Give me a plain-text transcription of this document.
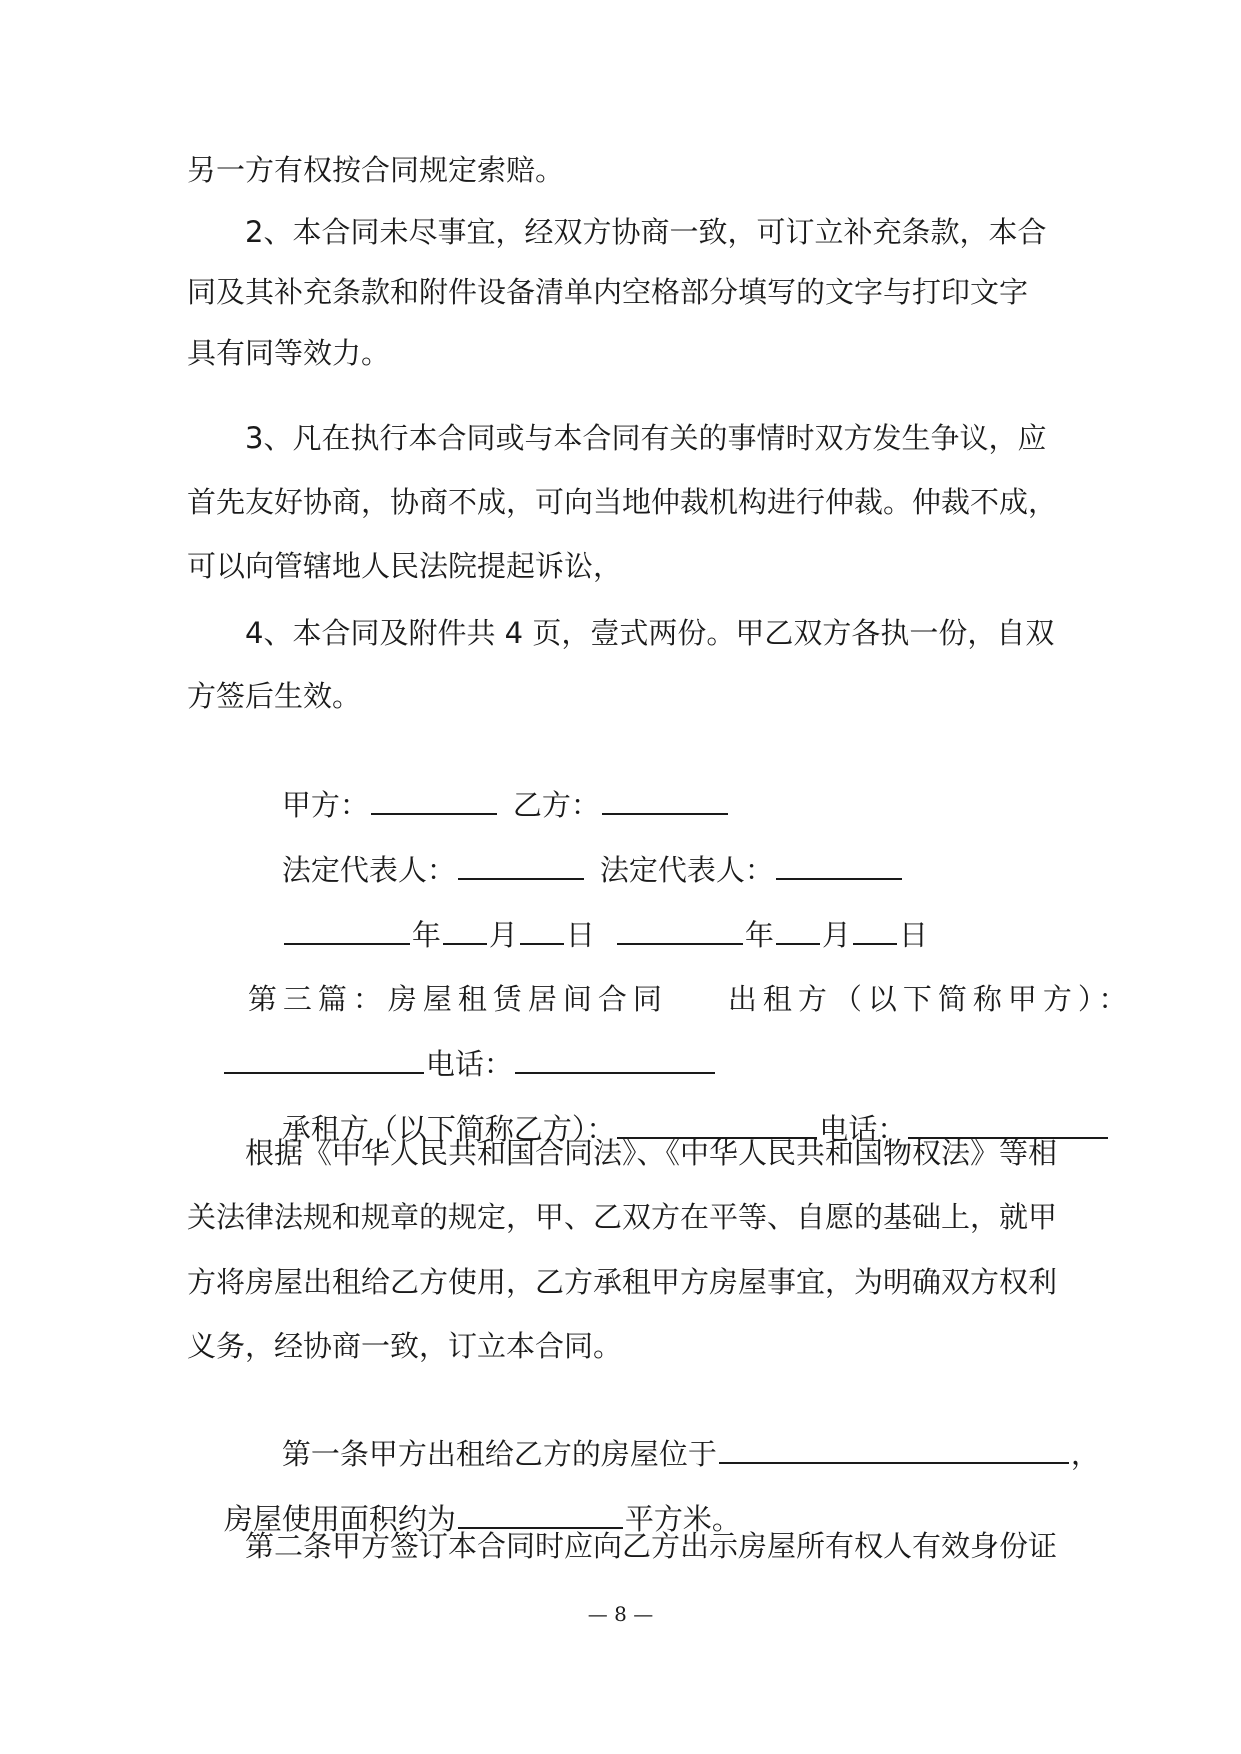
另一方有权按合同规定索赔。
2、本合同未尽事宜，经双方协商一致，可订立补充条款，本合
同及其补充条款和附件设备清单内空格部分填写的文字与打印文字
具有同等效力。
3、凡在执行本合同或与本合同有关的事情时双方发生争议，应
首先友好协商，协商不成，可向当地仲裁机构进行仲裁。仲裁不成，
可以向管辖地人民法院提起诉讼，
4、本合同及附件共 4 页，壹式两份。甲乙双方各执一份，自双
方签后生效。

甲方：	乙方：

法定代表人：	法定代表人：

年 月 日	年 月 日

第三篇：房屋租赁居间合同 出租方（以下简称甲方）：

电话：

承租方（以下简称乙方）：	电话：

根据《中华人民共和国合同法》、《中华人民共和国物权法》等相
关法律法规和规章的规定，甲、乙双方在平等、自愿的基础上，就甲
方将房屋出租给乙方使用，乙方承租甲方房屋事宜，为明确双方权利
义务，经协商一致，订立本合同。

第一条甲方出租给乙方的房屋位于	，

房屋使用面积约为	平方米。

第二条甲方签订本合同时应向乙方出示房屋所有权人有效身份证
— 8 —
